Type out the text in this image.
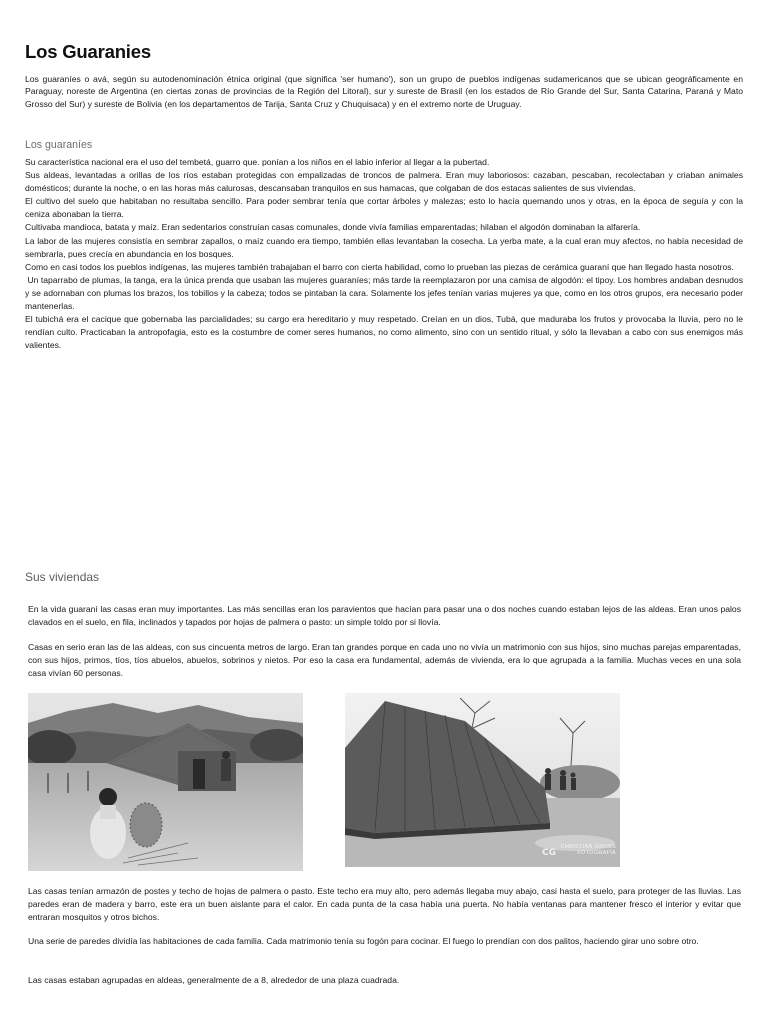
Los Guaranies

Los guaraníes o avá, según su autodenominación étnica original (que significa 'ser humano'), son un grupo de pueblos indígenas sudamericanos que se ubican geográficamente en Paraguay, noreste de Argentina (en ciertas zonas de provincias de la Región del Litoral), sur y sureste de Brasil (en los estados de Río Grande del Sur, Santa Catarina, Paraná y Mato Grosso del Sur) y sureste de Bolivia (en los departamentos de Tarija, Santa Cruz y Chuquisaca) y en el extremo norte de Uruguay.

Los guaraníes

Su característica nacional era el uso del tembetá, guarro que. ponían a los niños en el labio inferior al llegar a la pubertad.

Sus aldeas, levantadas a orillas de los ríos estaban protegidas con empalizadas de troncos de palmera. Eran muy laboriosos: cazaban, pescaban, recolectaban y criaban animales domésticos; durante la noche, o en las horas más calurosas, descansaban tranquilos en sus hamacas, que colgaban de dos estacas salientes de sus viviendas.

El cultivo del suelo que habitaban no resultaba sencillo. Para poder sembrar tenía que cortar árboles y malezas; esto lo hacía quemando unos y otras, en la época de seguía y con la ceniza abonaban la tierra.

Cultivaba mandioca, batata y maíz. Eran sedentarios construían casas comunales, donde vivía familias emparentadas; hilaban el algodón dominaban la alfarería.

La labor de las mujeres consistía en sembrar zapallos, o maíz cuando era tiempo, también ellas levantaban la cosecha. La yerba mate, a la cual eran muy afectos, no había necesidad de sembrarla, pues crecía en abundancia en los bosques.

Como en casi todos los pueblos indígenas, las mujeres también trabajaban el barro con cierta habilidad, como lo prueban las piezas de cerámica guaraní que han llegado hasta nosotros.

Un taparrabo de plumas, la tanga, era la única prenda que usaban las mujeres guaraníes; más tarde la reemplazaron por una camisa de algodón: el tipoy. Los hombres andaban desnudos y se adornaban con plumas los brazos, los tobillos y la cabeza; todos se pintaban la cara. Solamente los jefes tenían varias mujeres ya que, como en los otros grupos, era necesario poder mantenerlas.

El tubichá era el cacique que gobernaba las parcialidades; su cargo era hereditario y muy respetado. Creían en un dios, Tubá, que maduraba los frutos y provocaba la lluvia, pero no le rendían culto. Practicaban la antropofagia, esto es la costumbre de comer seres humanos, no como alimento, sino con un sentido ritual, y sólo la llevaban a cabo con sus enemigos más valientes.

Sus viviendas

En la vida guaraní las casas eran muy importantes. Las más sencillas eran los paravientos que hacían para pasar una o dos noches cuando estaban lejos de las aldeas. Eran unos palos clavados en el suelo, en fila, inclinados y tapados por hojas de palmera o pasto: un simple toldo por si llovía.

Casas en serio eran las de las aldeas, con sus cincuenta metros de largo. Eran tan grandes porque en cada uno no vivía un matrimonio con sus hijos, sino muchas parejas emparentadas, con sus hijos, primos, tíos, tíos abuelos, abuelos, sobrinos y nietos. Por eso la casa era fundamental, además de vivienda, era lo que agrupada a la familia. Muchas veces en una sola casa vivían 60 personas.

CG
CHRISTIAN GROSS
FOTOGRAFÍA

Las casas tenían armazón de postes y techo de hojas de palmera o pasto. Este techo era muy alto, pero además llegaba muy abajo, casi hasta el suelo, para proteger de las lluvias. Las paredes eran de madera y barro, este era un buen aislante para el calor. En cada punta de la casa había una puerta. No había ventanas para mantener fresco el interior y evitar que entraran mosquitos y otros bichos.

Una serie de paredes dividía las habitaciones de cada familia. Cada matrimonio tenía su fogón para cocinar. El fuego lo prendían con dos palitos, haciendo girar uno sobre otro.

Las casas estaban agrupadas en aldeas, generalmente de a 8, alrededor de una plaza cuadrada.
